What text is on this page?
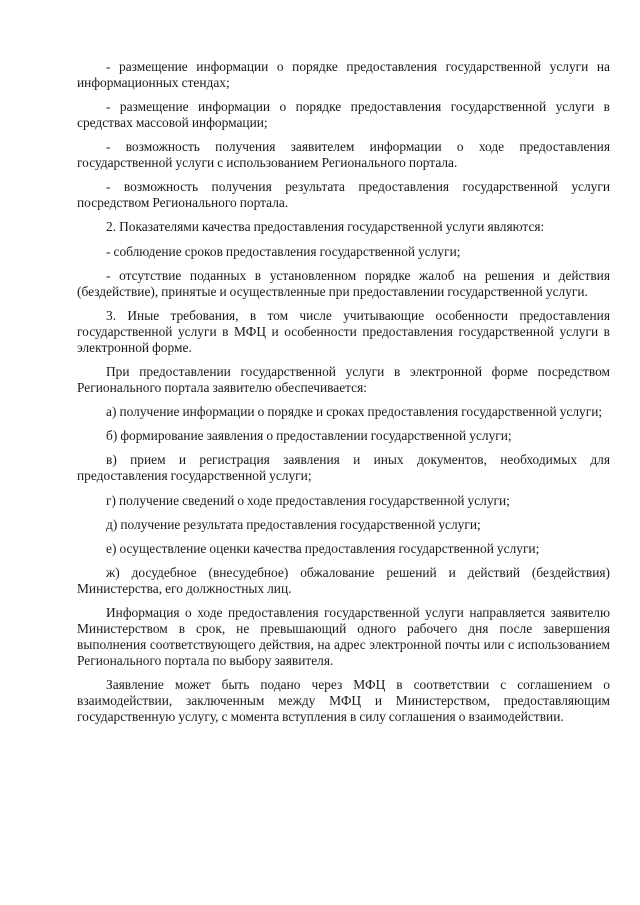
- размещение информации о порядке предоставления государственной услуги на информационных стендах;

- размещение информации о порядке предоставления государственной услуги в средствах массовой информации;

- возможность получения заявителем информации о ходе предоставления государственной услуги с использованием Регионального портала.

- возможность получения результата предоставления государственной услуги посредством Регионального портала.

2. Показателями качества предоставления государственной услуги являются:

- соблюдение сроков предоставления государственной услуги;

- отсутствие поданных в установленном порядке жалоб на решения и действия (бездействие), принятые и осуществленные при предоставлении государственной услуги.

3. Иные требования, в том числе учитывающие особенности предоставления государственной услуги в МФЦ и особенности предоставления государственной услуги в электронной форме.

При предоставлении государственной услуги в электронной форме посредством Регионального портала заявителю обеспечивается:

а) получение информации о порядке и сроках предоставления государственной услуги;

б) формирование заявления о предоставлении государственной услуги;

в) прием и регистрация заявления и иных документов, необходимых для предоставления государственной услуги;

г) получение сведений о ходе предоставления государственной услуги;

д) получение результата предоставления государственной услуги;

е) осуществление оценки качества предоставления государственной услуги;

ж) досудебное (внесудебное) обжалование решений и действий (бездействия) Министерства, его должностных лиц.

Информация о ходе предоставления государственной услуги направляется заявителю Министерством в срок, не превышающий одного рабочего дня после завершения выполнения соответствующего действия, на адрес электронной почты или с использованием Регионального портала по выбору заявителя.

Заявление может быть подано через МФЦ в соответствии с соглашением о взаимодействии, заключенным между МФЦ и Министерством, предоставляющим государственную услугу, с момента вступления в силу соглашения о взаимодействии.
